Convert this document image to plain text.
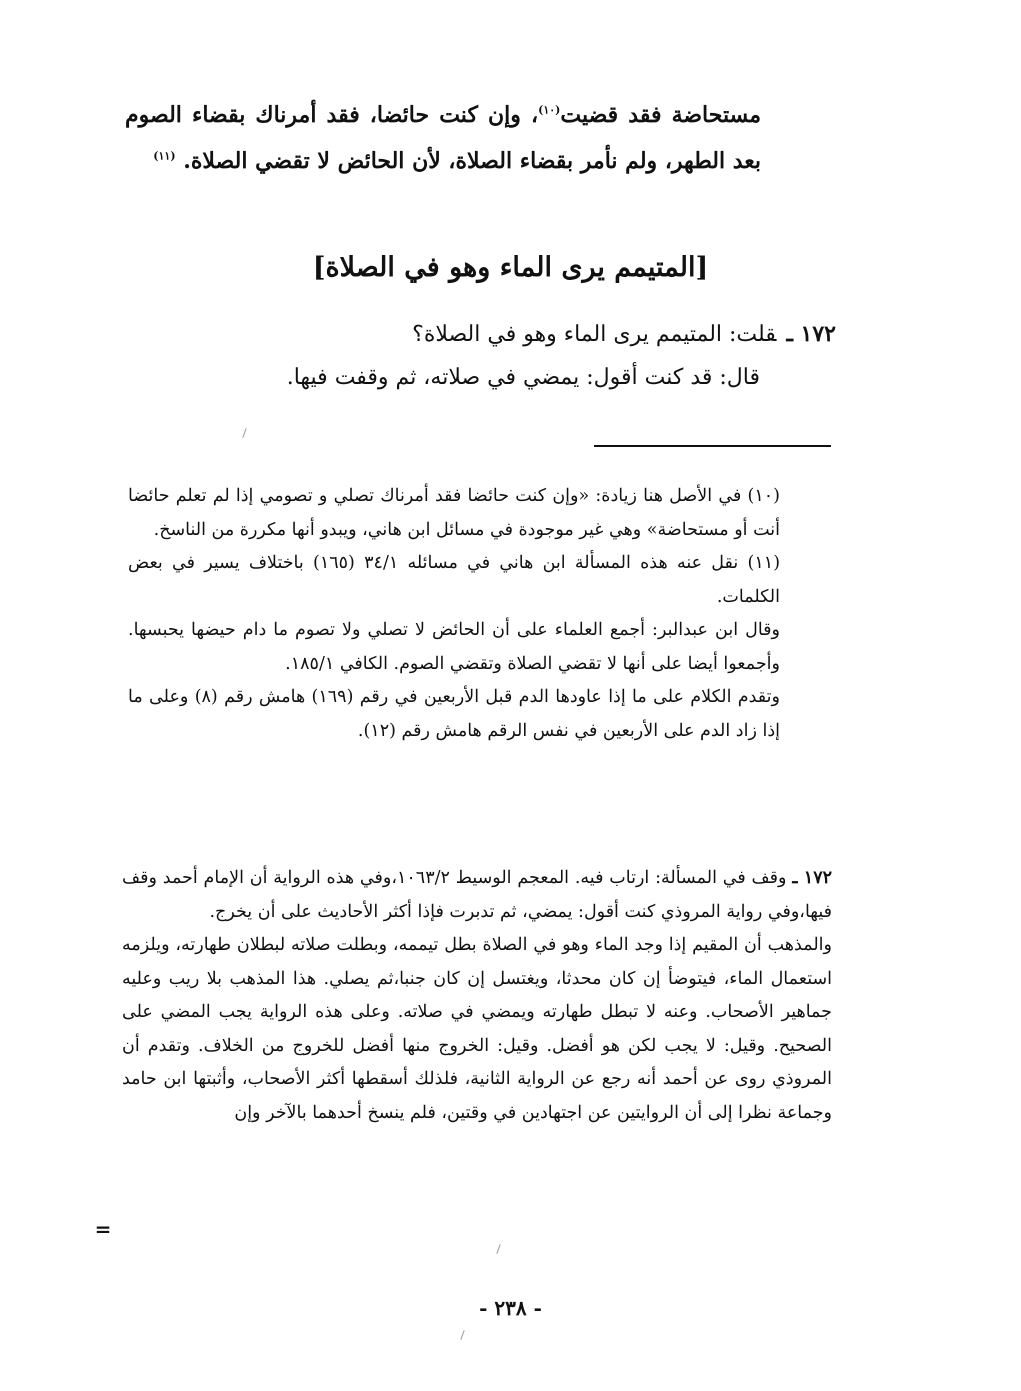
مستحاضة فقد قضيت$^{(١٠)}$، وإن كنت حائضا، فقد أمرناك بقضاء الصوم بعد الطهر، ولم نأمر بقضاء الصلاة، لأن الحائض لا تقضي الصلاة. $^{(١١)}$
[المتيمم يرى الماء وهو في الصلاة]
١٧٢ ـقلت: المتيمم يرى الماء وهو في الصلاة؟
قال: قد كنت أقول: يمضي في صلاته، ثم وقفت فيها.

(١٠) في الأصل هنا زيادة: «وإن كنت حائضا فقد أمرناك تصلي و تصومي إذا لم تعلم حائضا أنت أو مستحاضة» وهي غير موجودة في مسائل ابن هاني، ويبدو أنها مكررة من الناسخ.

(١١) نقل عنه هذه المسألة ابن هاني في مسائله ٣٤/١ (١٦٥) باختلاف يسير في بعض الكلمات.

وقال ابن عبدالبر: أجمع العلماء على أن الحائض لا تصلي ولا تصوم ما دام حيضها يحبسها. وأجمعوا أيضا على أنها لا تقضي الصلاة وتقضي الصوم. الكافي ١٨٥/١.

وتقدم الكلام على ما إذا عاودها الدم قبل الأربعين في رقم (١٦٩) هامش رقم (٨) وعلى ما إذا زاد الدم على الأربعين في نفس الرقم هامش رقم (١٢).

١٧٢ ـ وقف في المسألة: ارتاب فيه. المعجم الوسيط ١٠٦٣/٢،وفي هذه الرواية أن الإمام أحمد وقف فيها،وفي رواية المروذي كنت أقول: يمضي، ثم تدبرت فإذا أكثر الأحاديث على أن يخرج.

والمذهب أن المقيم إذا وجد الماء وهو في الصلاة بطل تيممه، وبطلت صلاته لبطلان طهارته، ويلزمه استعمال الماء، فيتوضأ إن كان محدثا، ويغتسل إن كان جنبا،ثم يصلي. هذا المذهب بلا ريب وعليه جماهير الأصحاب. وعنه لا تبطل طهارته ويمضي في صلاته. وعلى هذه الرواية يجب المضي على الصحيح. وقيل: لا يجب لكن هو أفضل. وقيل: الخروج منها أفضل للخروج من الخلاف. وتقدم أن المروذي روى عن أحمد أنه رجع عن الرواية الثانية، فلذلك أسقطها أكثر الأصحاب، وأثبتها ابن حامد وجماعة نظرا إلى أن الروايتين عن اجتهادين في وقتين، فلم ينسخ أحدهما بالآخر وإن

=
- ٢٣٨ -
